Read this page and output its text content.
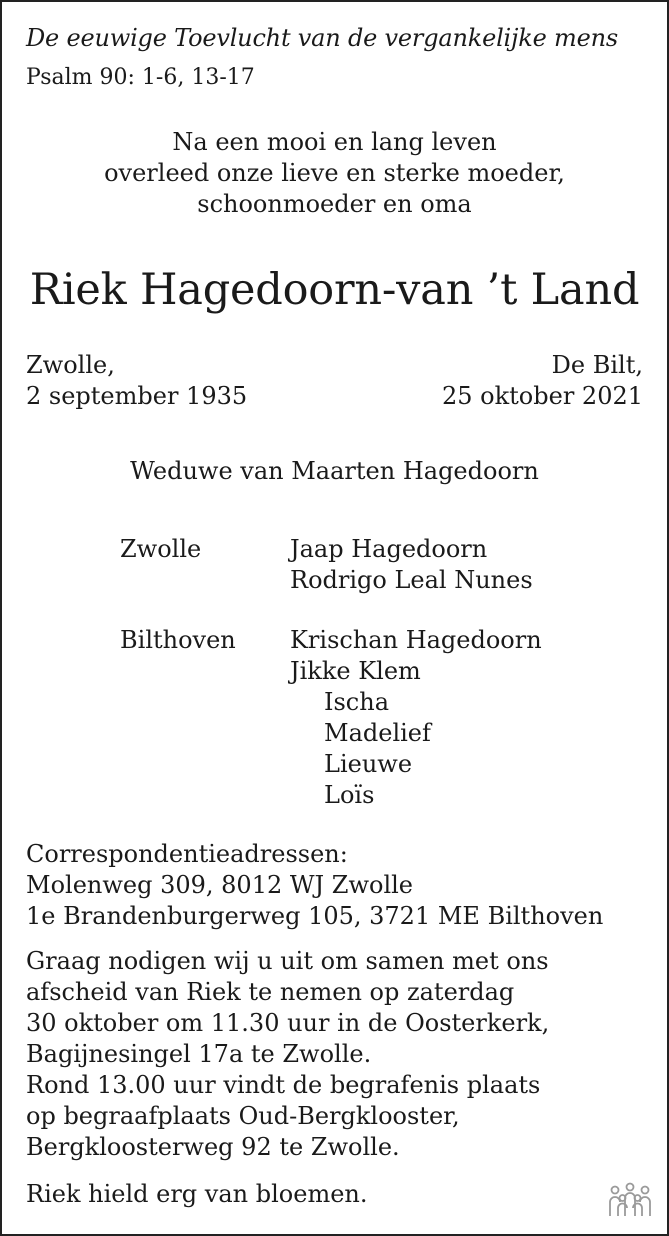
De eeuwige Toevlucht van de vergankelijke mens
Psalm 90: 1-6, 13-17
Na een mooi en lang leven
overleed onze lieve en sterke moeder,
schoonmoeder en oma
Riek Hagedoorn-van ’t Land
Zwolle,
2 september 1935
De Bilt,
25 oktober 2021
Weduwe van Maarten Hagedoorn
Zwolle	Jaap Hagedoorn
Rodrigo Leal Nunes
Bilthoven Krischan Hagedoorn
Jikke Klem
Ischa
Madelief
Lieuwe
Loïs
Correspondentieadressen:
Molenweg 309, 8012 WJ Zwolle
1e Brandenburgerweg 105, 3721 ME Bilthoven
Graag nodigen wij u uit om samen met ons
afscheid van Riek te nemen op zaterdag
30 oktober om 11.30 uur in de Oosterkerk,
Bagijnesingel 17a te Zwolle.
Rond 13.00 uur vindt de begrafenis plaats
op begraafplaats Oud-Bergklooster,
Bergkloosterweg 92 te Zwolle.
Riek hield erg van bloemen.
